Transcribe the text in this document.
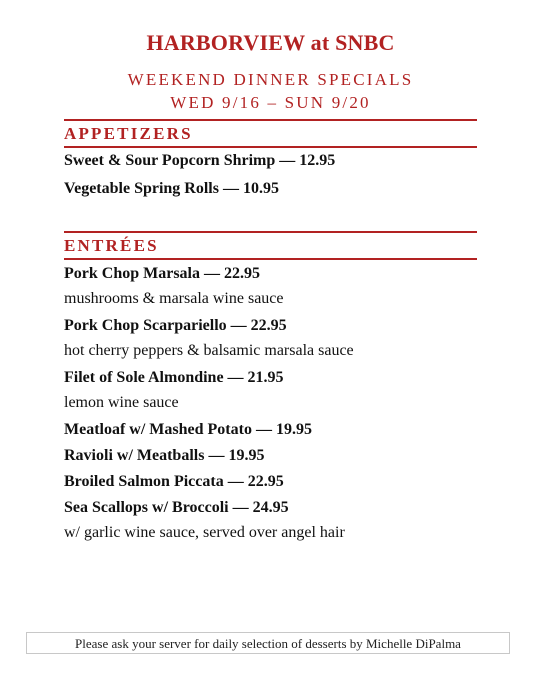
HARBORVIEW at SNBC
WEEKEND DINNER SPECIALS
WED 9/16 – SUN 9/20
APPETIZERS
Sweet & Sour Popcorn Shrimp — 12.95
Vegetable Spring Rolls — 10.95
ENTRÉES
Pork Chop Marsala — 22.95
mushrooms & marsala wine sauce
Pork Chop Scarpariello — 22.95
hot cherry peppers & balsamic marsala sauce
Filet of Sole Almondine — 21.95
lemon wine sauce
Meatloaf w/ Mashed Potato — 19.95
Ravioli w/ Meatballs — 19.95
Broiled Salmon Piccata — 22.95
Sea Scallops w/ Broccoli — 24.95
w/ garlic wine sauce, served over angel hair
Please ask your server for daily selection of desserts by Michelle DiPalma
